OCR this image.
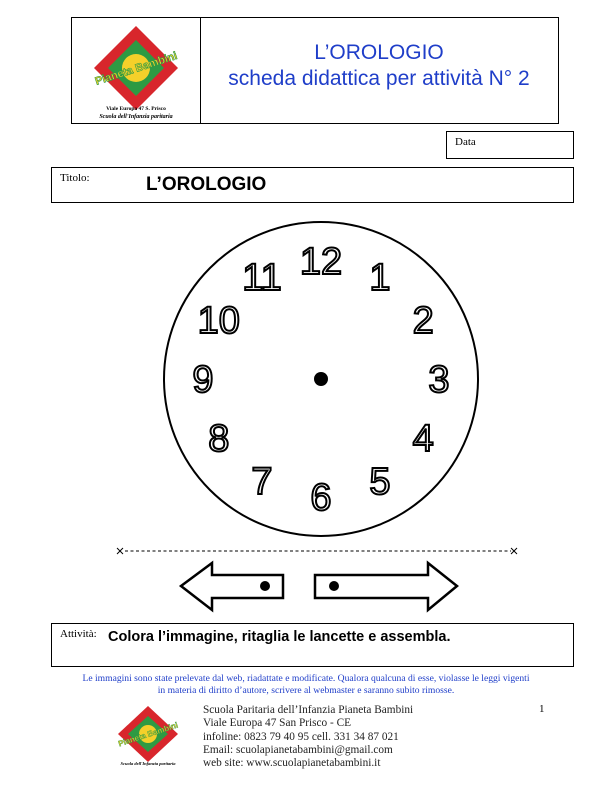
Pianeta Bambini
Viale Europa 47 S. Prisco
Scuola dell'Infanzia paritaria
L’OROLOGIO
scheda didattica per attività N° 2
Data
Titolo:	L’OROLOGIO
12 1
2
3
4
5
6
7
8
9
10
11
Attività: Colora l’immagine, ritaglia le lancette e assembla.
Le immagini sono state prelevate dal web, riadattate e modificate. Qualora qualcuna di esse, violasse le leggi vigenti
in materia di diritto d’autore, scrivere al webmaster e saranno subito rimosse.
Pianeta Bambini
Scuola dell'Infanzia paritaria
Scuola Paritaria dell’Infanzia Pianeta Bambini
Viale Europa 47 San Prisco - CE
infoline: 0823 79 40 95 cell. 331 34 87 021
Email: scuolapianetabambini@gmail.com
web site: www.scuolapianetabambini.it
1
